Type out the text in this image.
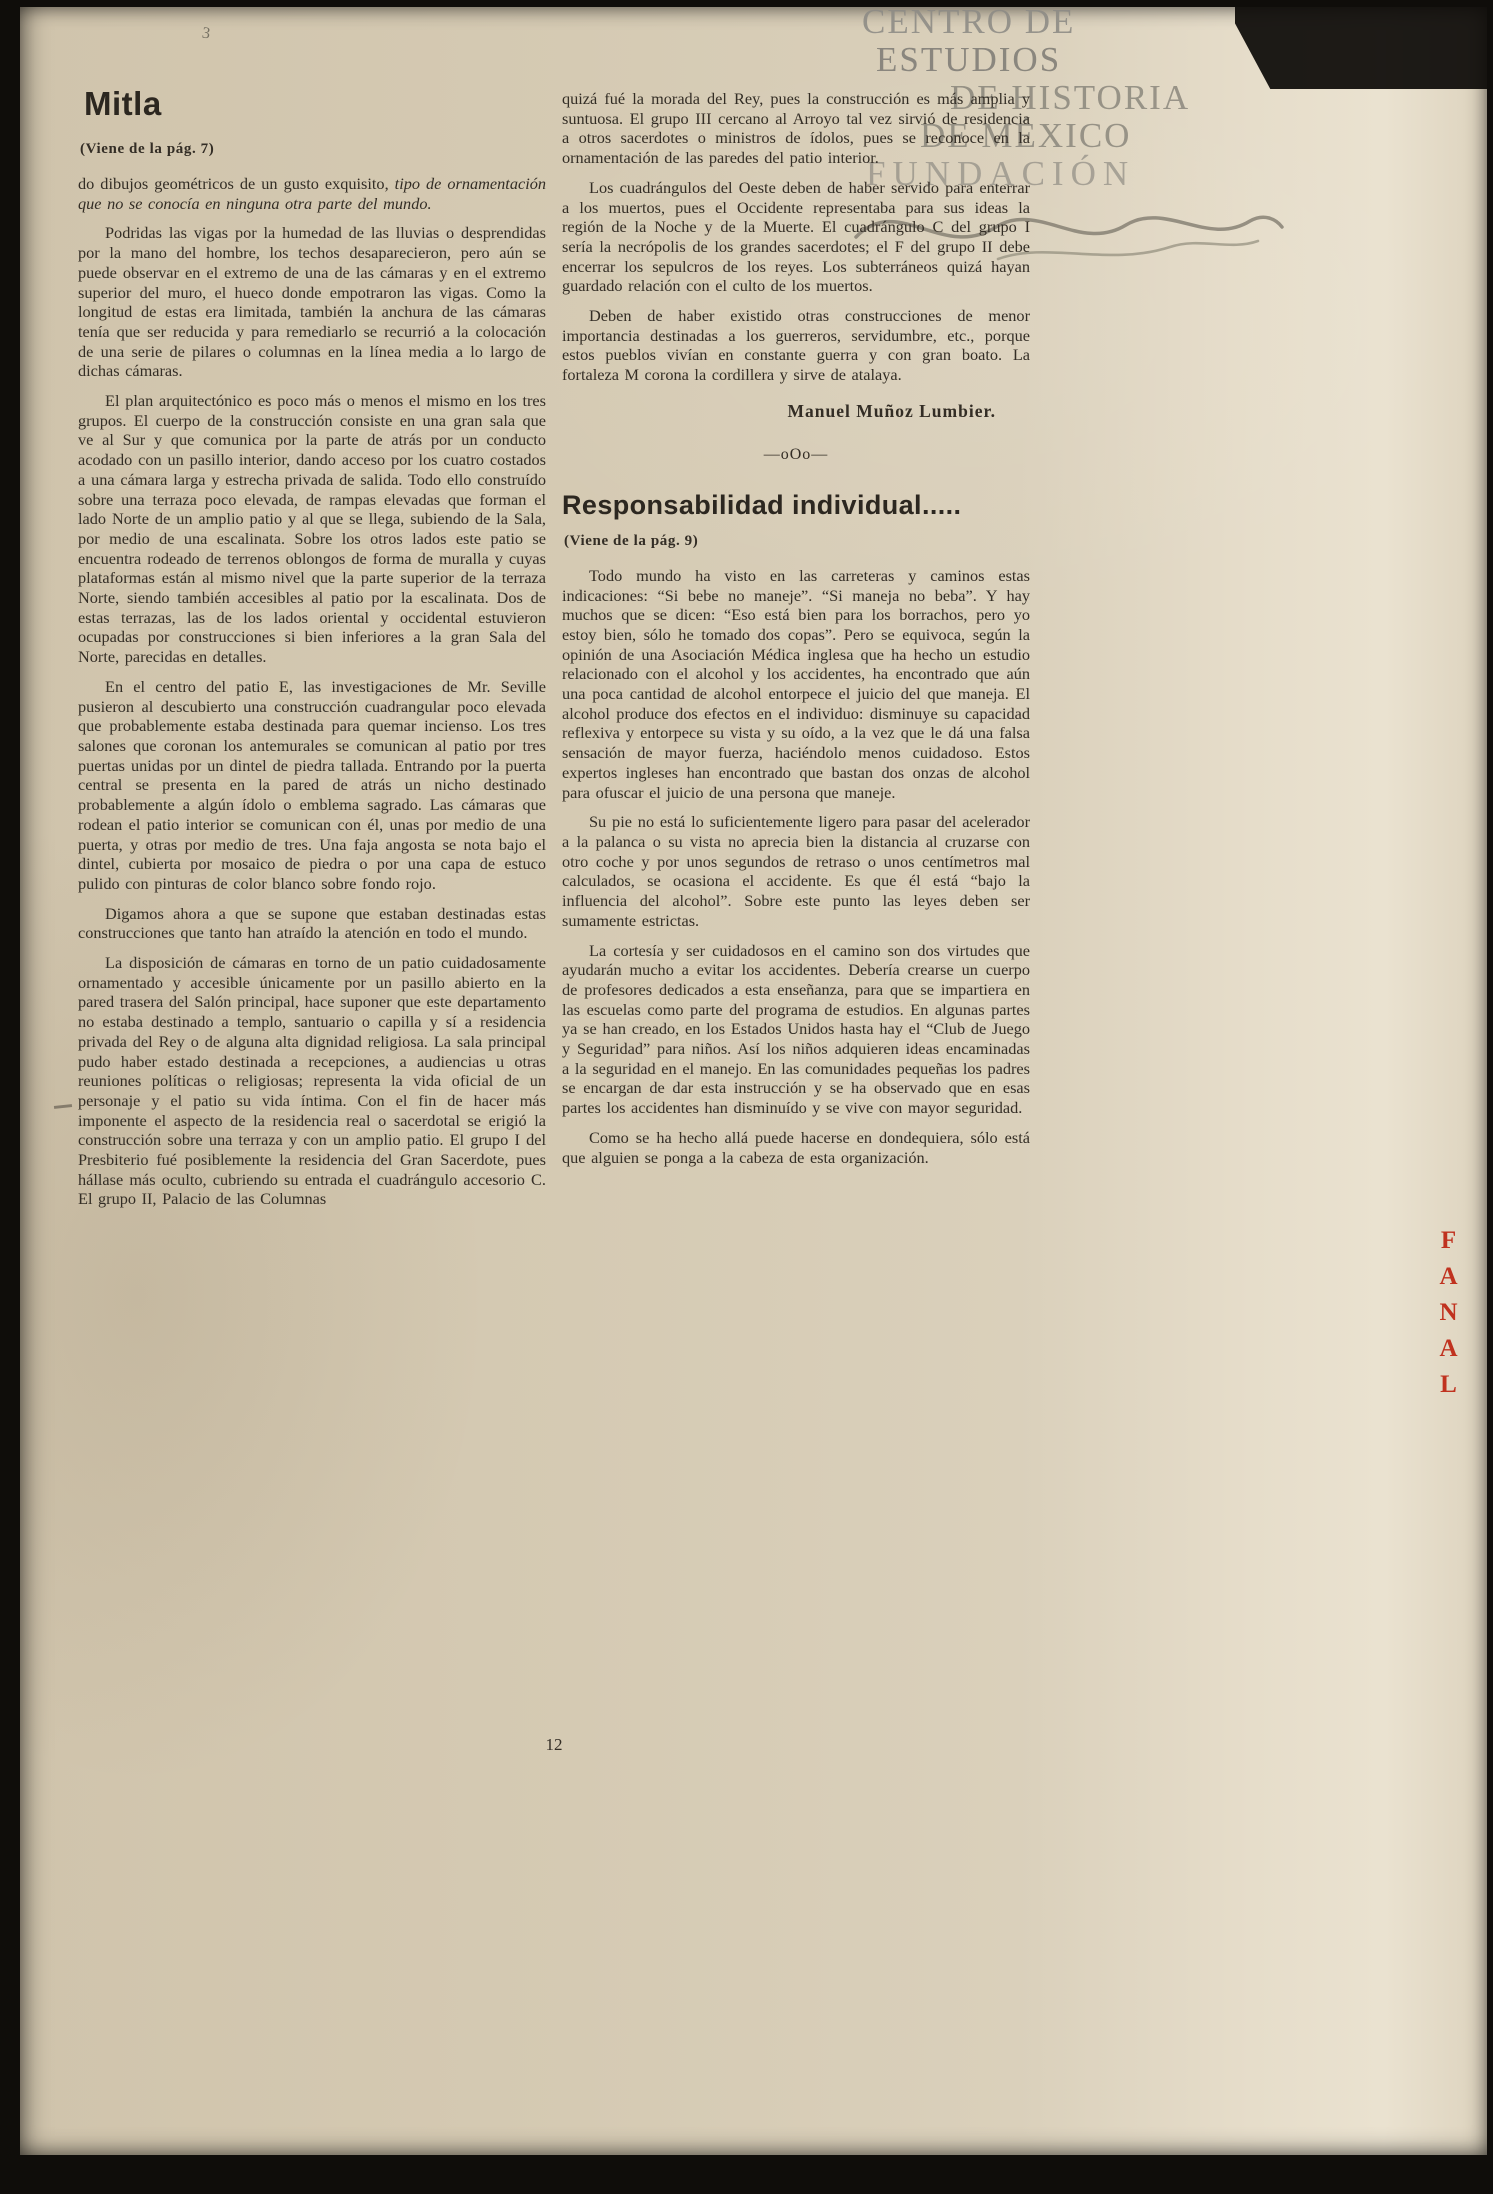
CENTRO DE
ESTUDIOS
DE HISTORIA
DE MÉXICO
FUNDACIÓN
3
Mitla
(Viene de la pág. 7)

do dibujos geométricos de un gusto exquisito, tipo de ornamentación que no se conocía en ninguna otra parte del mundo.

Podridas las vigas por la humedad de las lluvias o desprendidas por la mano del hombre, los techos desaparecieron, pero aún se puede observar en el extremo de una de las cámaras y en el extremo superior del muro, el hueco donde empotraron las vigas. Como la longitud de estas era limitada, también la anchura de las cámaras tenía que ser reducida y para remediarlo se recurrió a la colocación de una serie de pilares o columnas en la línea media a lo largo de dichas cámaras.

El plan arquitectónico es poco más o menos el mismo en los tres grupos. El cuerpo de la construcción consiste en una gran sala que ve al Sur y que comunica por la parte de atrás por un conducto acodado con un pasillo interior, dando acceso por los cuatro costados a una cámara larga y estrecha privada de salida. Todo ello construído sobre una terraza poco elevada, de rampas elevadas que forman el lado Norte de un amplio patio y al que se llega, subiendo de la Sala, por medio de una escalinata. Sobre los otros lados este patio se encuentra rodeado de terrenos oblongos de forma de muralla y cuyas plataformas están al mismo nivel que la parte superior de la terraza Norte, siendo también accesibles al patio por la escalinata. Dos de estas terrazas, las de los lados oriental y occidental estuvieron ocupadas por construcciones si bien inferiores a la gran Sala del Norte, parecidas en detalles.

En el centro del patio E, las investigaciones de Mr. Seville pusieron al descubierto una construcción cuadrangular poco elevada que probablemente estaba destinada para quemar incienso. Los tres salones que coronan los antemurales se comunican al patio por tres puertas unidas por un dintel de piedra tallada. Entrando por la puerta central se presenta en la pared de atrás un nicho destinado probablemente a algún ídolo o emblema sagrado. Las cámaras que rodean el patio interior se comunican con él, unas por medio de una puerta, y otras por medio de tres. Una faja angosta se nota bajo el dintel, cubierta por mosaico de piedra o por una capa de estuco pulido con pinturas de color blanco sobre fondo rojo.

Digamos ahora a que se supone que estaban destinadas estas construcciones que tanto han atraído la atención en todo el mundo.

La disposición de cámaras en torno de un patio cuidadosamente ornamentado y accesible únicamente por un pasillo abierto en la pared trasera del Salón principal, hace suponer que este departamento no estaba destinado a templo, santuario o capilla y sí a residencia privada del Rey o de alguna alta dignidad religiosa. La sala principal pudo haber estado destinada a recepciones, a audiencias u otras reuniones políticas o religiosas; representa la vida oficial de un personaje y el patio su vida íntima. Con el fin de hacer más imponente el aspecto de la residencia real o sacerdotal se erigió la construcción sobre una terraza y con un amplio patio. El grupo I del Presbiterio fué posiblemente la residencia del Gran Sacerdote, pues hállase más oculto, cubriendo su entrada el cuadrángulo accesorio C. El grupo II, Palacio de las Columnas

quizá fué la morada del Rey, pues la construcción es más amplia y suntuosa. El grupo III cercano al Arroyo tal vez sirvió de residencia a otros sacerdotes o ministros de ídolos, pues se reconoce en la ornamentación de las paredes del patio interior.

Los cuadrángulos del Oeste deben de haber servido para enterrar a los muertos, pues el Occidente representaba para sus ideas la región de la Noche y de la Muerte. El cuadrángulo C del grupo I sería la necrópolis de los grandes sacerdotes; el F del grupo II debe encerrar los sepulcros de los reyes. Los subterráneos quizá hayan guardado relación con el culto de los muertos.

Deben de haber existido otras construcciones de menor importancia destinadas a los guerreros, servidumbre, etc., porque estos pueblos vivían en constante guerra y con gran boato. La fortaleza M corona la cordillera y sirve de atalaya.

Manuel Muñoz Lumbier.
—oOo—
Responsabilidad individual.....
(Viene de la pág. 9)

Todo mundo ha visto en las carreteras y caminos estas indicaciones: “Si bebe no maneje”. “Si maneja no beba”. Y hay muchos que se dicen: “Eso está bien para los borrachos, pero yo estoy bien, sólo he tomado dos copas”. Pero se equivoca, según la opinión de una Asociación Médica inglesa que ha hecho un estudio relacionado con el alcohol y los accidentes, ha encontrado que aún una poca cantidad de alcohol entorpece el juicio del que maneja. El alcohol produce dos efectos en el individuo: disminuye su capacidad reflexiva y entorpece su vista y su oído, a la vez que le dá una falsa sensación de mayor fuerza, haciéndolo menos cuidadoso. Estos expertos ingleses han encontrado que bastan dos onzas de alcohol para ofuscar el juicio de una persona que maneje.

Su pie no está lo suficientemente ligero para pasar del acelerador a la palanca o su vista no aprecia bien la distancia al cruzarse con otro coche y por unos segundos de retraso o unos centímetros mal calculados, se ocasiona el accidente. Es que él está “bajo la influencia del alcohol”. Sobre este punto las leyes deben ser sumamente estrictas.

La cortesía y ser cuidadosos en el camino son dos virtudes que ayudarán mucho a evitar los accidentes. Debería crearse un cuerpo de profesores dedicados a esta enseñanza, para que se impartiera en las escuelas como parte del programa de estudios. En algunas partes ya se han creado, en los Estados Unidos hasta hay el “Club de Juego y Seguridad” para niños. Así los niños adquieren ideas encaminadas a la seguridad en el manejo. En las comunidades pequeñas los padres se encargan de dar esta instrucción y se ha observado que en esas partes los accidentes han disminuído y se vive con mayor seguridad.

Como se ha hecho allá puede hacerse en dondequiera, sólo está que alguien se ponga a la cabeza de esta organización.

12
FANAL
